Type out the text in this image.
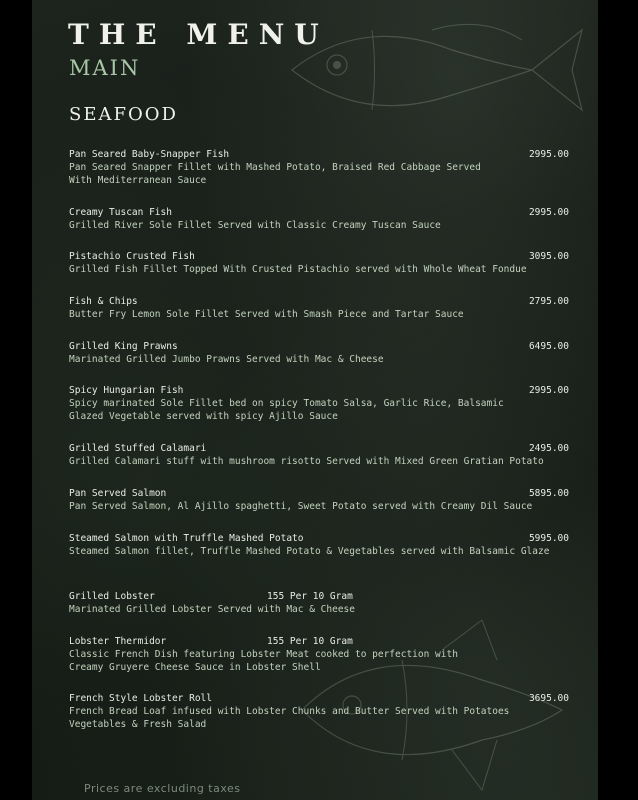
THE MENU
MAIN
SEAFOOD
Pan Seared Baby-Snapper Fish	2995.00
Pan Seared Snapper Fillet with Mashed Potato, Braised Red Cabbage Served
With Mediterranean Sauce
Creamy Tuscan Fish	2995.00
Grilled River Sole Fillet Served with Classic Creamy Tuscan Sauce
Pistachio Crusted Fish	3095.00
Grilled Fish Fillet Topped With Crusted Pistachio served with Whole Wheat Fondue
Fish & Chips	2795.00
Butter Fry Lemon Sole Fillet Served with Smash Piece and Tartar Sauce
Grilled King Prawns	6495.00
Marinated Grilled Jumbo Prawns Served with Mac & Cheese
Spicy Hungarian Fish	2995.00
Spicy marinated Sole Fillet bed on spicy Tomato Salsa, Garlic Rice, Balsamic
Glazed Vegetable served with spicy Ajillo Sauce
Grilled Stuffed Calamari	2495.00
Grilled Calamari stuff with mushroom risotto Served with Mixed Green Gratian Potato
Pan Served Salmon	5895.00
Pan Served Salmon, Al Ajillo spaghetti, Sweet Potato served with Creamy Dil Sauce
Steamed Salmon with Truffle Mashed Potato	5995.00
Steamed Salmon fillet, Truffle Mashed Potato & Vegetables served with Balsamic Glaze
Grilled Lobster	155 Per 10 Gram
Marinated Grilled Lobster Served with Mac & Cheese
Lobster Thermidor	155 Per 10 Gram
Classic French Dish featuring Lobster Meat cooked to perfection with
Creamy Gruyere Cheese Sauce in Lobster Shell
French Style Lobster Roll	3695.00
French Bread Loaf infused with Lobster Chunks and Butter Served with Potatoes
Vegetables & Fresh Salad
Prices are excluding taxes
